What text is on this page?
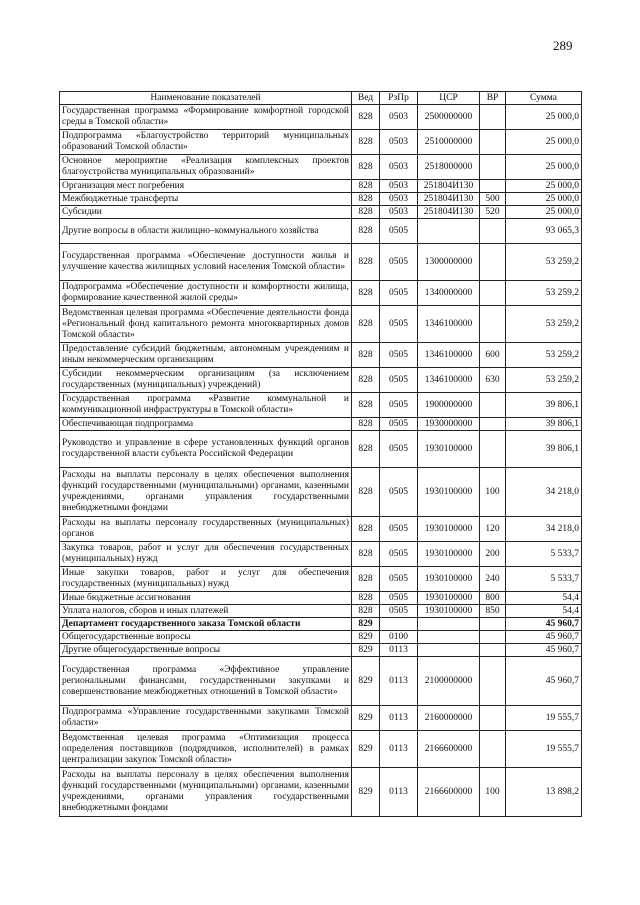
289
Наименование показателей	Вед	РзПр	ЦСР	ВР	Сумма
Государственная программа «Формирование комфортной городской среды в Томской области»	828	0503	2500000000		25 000,0
Подпрограмма «Благоустройство территорий муниципальных образований Томской области»	828	0503	2510000000		25 000,0
Основное мероприятие «Реализация комплексных проектов благоустройства муниципальных образований»	828	0503	2518000000		25 000,0
Организация мест погребения	828	0503	251804И130		25 000,0
Межбюджетные трансферты	828	0503	251804И130	500	25 000,0
Субсидии	828	0503	251804И130	520	25 000,0
Другие вопросы в области жилищно–коммунального хозяйства	828	0505			93 065,3
Государственная программа «Обеспечение доступности жилья и улучшение качества жилищных условий населения Томской области»	828	0505	1300000000		53 259,2
Подпрограмма «Обеспечение доступности и комфортности жилища, формирование качественной жилой среды»	828	0505	1340000000		53 259,2
Ведомственная целевая программа «Обеспечение деятельности фонда «Региональный фонд капитального ремонта многоквартирных домов Томской области»	828	0505	1346100000		53 259,2
Предоставление субсидий бюджетным, автономным учреждениям и иным некоммерческим организациям	828	0505	1346100000	600	53 259,2
Субсидии некоммерческим организациям (за исключением государственных (муниципальных) учреждений)	828	0505	1346100000	630	53 259,2
Государственная программа «Развитие коммунальной и коммуникационной инфраструктуры в Томской области»	828	0505	1900000000		39 806,1
Обеспечивающая подпрограмма	828	0505	1930000000		39 806,1
Руководство и управление в сфере установленных функций органов государственной власти субъекта Российской Федерации	828	0505	1930100000		39 806,1
Расходы на выплаты персоналу в целях обеспечения выполнения функций государственными (муниципальными) органами, казенными учреждениями, органами управления государственными внебюджетными фондами	828	0505	1930100000	100	34 218,0
Расходы на выплаты персоналу государственных (муниципальных) органов	828	0505	1930100000	120	34 218,0
Закупка товаров, работ и услуг для обеспечения государственных (муниципальных) нужд	828	0505	1930100000	200	5 533,7
Иные закупки товаров, работ и услуг для обеспечения государственных (муниципальных) нужд	828	0505	1930100000	240	5 533,7
Иные бюджетные ассигнования	828	0505	1930100000	800	54,4
Уплата налогов, сборов и иных платежей	828	0505	1930100000	850	54,4
Департамент государственного заказа Томской области	829				45 960,7
Общегосударственные вопросы	829	0100			45 960,7
Другие общегосударственные вопросы	829	0113			45 960,7
Государственная программа «Эффективное управление региональными финансами, государственными закупками и совершенствование межбюджетных отношений в Томской области»	829	0113	2100000000		45 960,7
Подпрограмма «Управление государственными закупками Томской области»	829	0113	2160000000		19 555,7
Ведомственная целевая программа «Оптимизация процесса определения поставщиков (подрядчиков, исполнителей) в рамках централизации закупок Томской области»	829	0113	2166600000		19 555,7
Расходы на выплаты персоналу в целях обеспечения выполнения функций государственными (муниципальными) органами, казенными учреждениями, органами управления государственными внебюджетными фондами	829	0113	2166600000	100	13 898,2
